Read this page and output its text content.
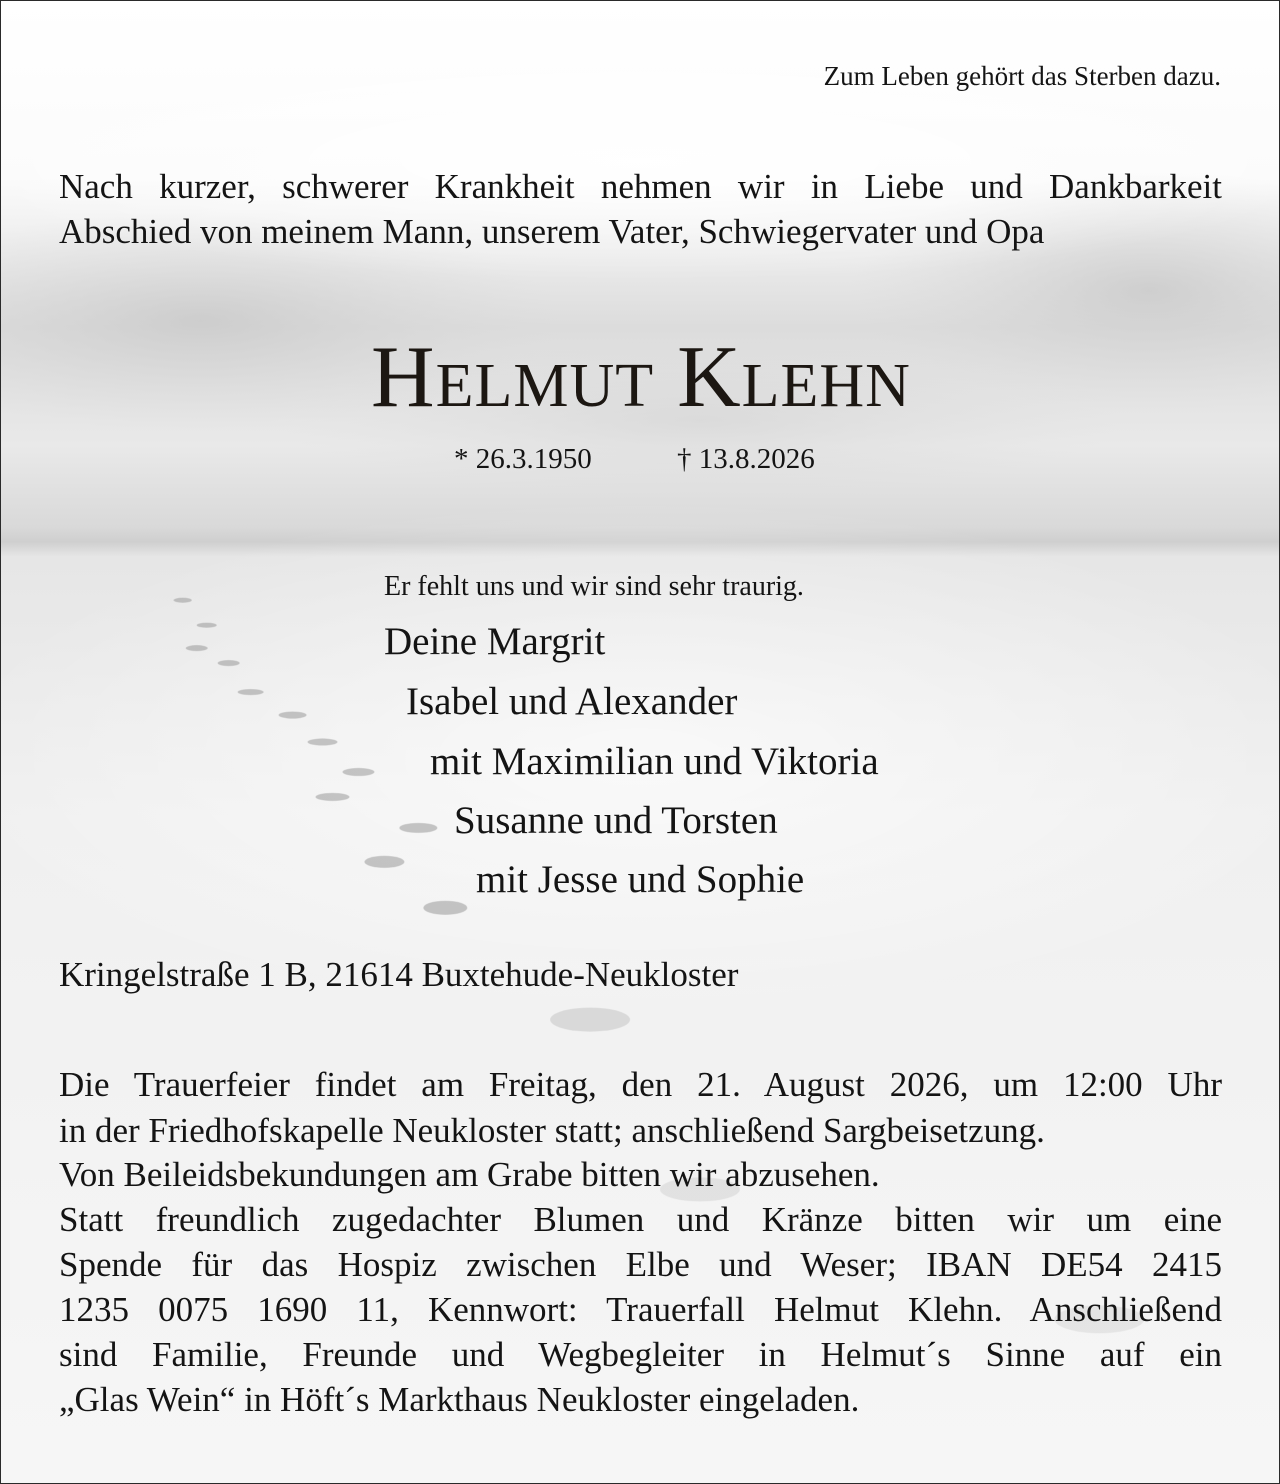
Zum Leben gehört das Sterben dazu.
Nach kurzer, schwerer Krankheit nehmen wir in Liebe und Dankbarkeit
Abschied von meinem Mann, unserem Vater, Schwiegervater und Opa
Helmut Klehn
* 26.3.1950	† 13.8.2026
Er fehlt uns und wir sind sehr traurig.
Deine Margrit
Isabel und Alexander
mit Maximilian und Viktoria
Susanne und Torsten
mit Jesse und Sophie
Kringelstraße 1 B, 21614 Buxtehude-Neukloster
Die Trauerfeier findet am Freitag, den 21. August 2026, um 12:00 Uhr
in der Friedhofskapelle Neukloster statt; anschließend Sargbeisetzung.
Von Beileidsbekundungen am Grabe bitten wir abzusehen.
Statt freundlich zugedachter Blumen und Kränze bitten wir um eine
Spende für das Hospiz zwischen Elbe und Weser; IBAN DE54 2415
1235 0075 1690 11, Kennwort: Trauerfall Helmut Klehn. Anschließend
sind Familie, Freunde und Wegbegleiter in Helmut´s Sinne auf ein
„Glas Wein“ in Höft´s Markthaus Neukloster eingeladen.
